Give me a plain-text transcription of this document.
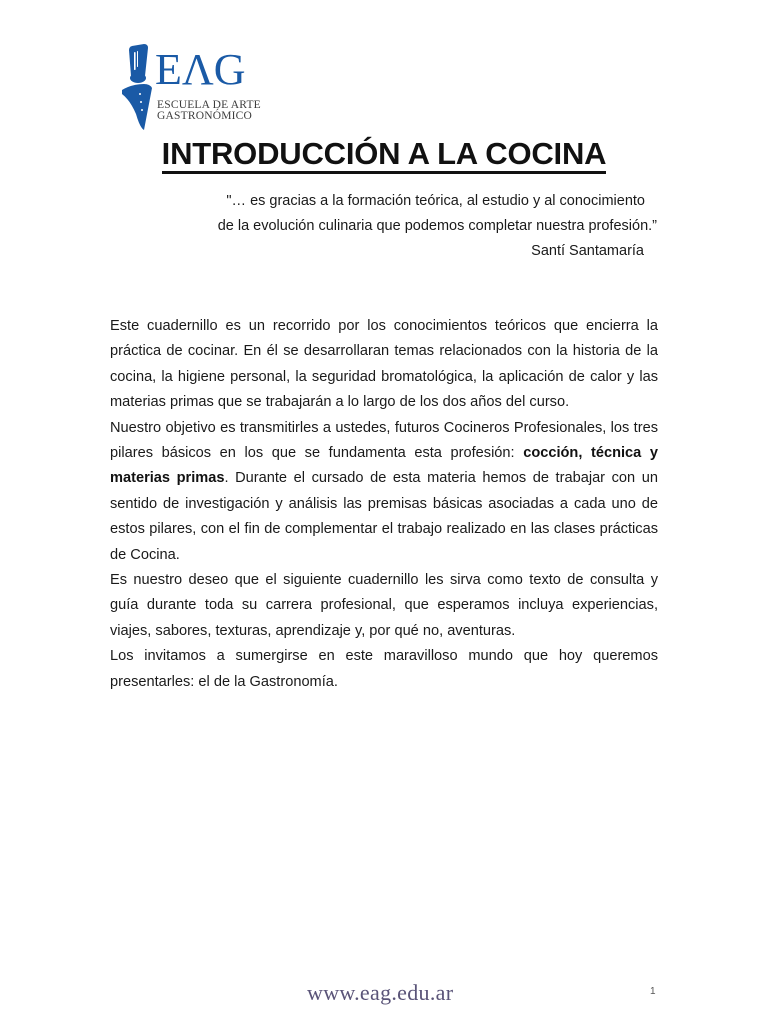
EΛG
ESCUELA DE ARTE
GASTRONÓMICO
INTRODUCCIÓN A LA COCINA
"… es gracias a la formación teórica, al estudio y al conocimiento
de la evolución culinaria que podemos completar nuestra profesión.”
Santí Santamaría

Este cuadernillo es un recorrido por los conocimientos teóricos que encierra la práctica de cocinar. En él se desarrollaran temas relacionados con la historia de la cocina, la higiene personal, la seguridad bromatológica, la aplicación de calor y las materias primas que se trabajarán a lo largo de los dos años del curso.

Nuestro objetivo es transmitirles a ustedes, futuros Cocineros Profesionales, los tres pilares básicos en los que se fundamenta esta profesión: cocción, técnica y materias primas. Durante el cursado de esta materia hemos de trabajar con un sentido de investigación y análisis las premisas básicas asociadas a cada uno de estos pilares, con el fin de complementar el trabajo realizado en las clases prácticas de Cocina.

Es nuestro deseo que el siguiente cuadernillo les sirva como texto de consulta y guía durante toda su carrera profesional, que esperamos incluya experiencias, viajes, sabores, texturas, aprendizaje y, por qué no, aventuras.

Los invitamos a sumergirse en este maravilloso mundo que hoy queremos presentarles: el de la Gastronomía.

www.eag.edu.ar	1
